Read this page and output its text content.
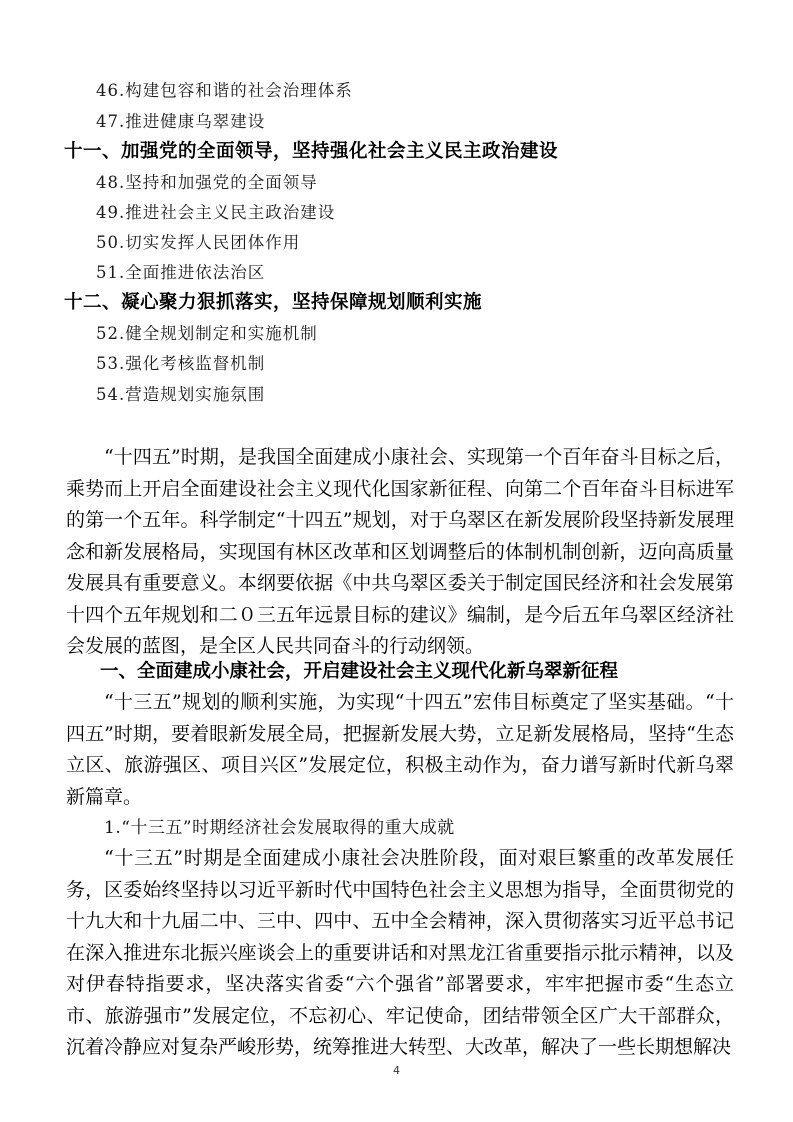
46.构建包容和谐的社会治理体系
47.推进健康乌翠建设
十一、加强党的全面领导，坚持强化社会主义民主政治建设
48.坚持和加强党的全面领导
49.推进社会主义民主政治建设
50.切实发挥人民团体作用
51.全面推进依法治区
十二、凝心聚力狠抓落实，坚持保障规划顺利实施
52.健全规划制定和实施机制
53.强化考核监督机制
54.营造规划实施氛围

“十四五”时期，是我国全面建成小康社会、实现第一个百年奋斗目标之后，乘势而上开启全面建设社会主义现代化国家新征程、向第二个百年奋斗目标进军的第一个五年。科学制定“十四五”规划，对于乌翠区在新发展阶段坚持新发展理念和新发展格局，实现国有林区改革和区划调整后的体制机制创新，迈向高质量发展具有重要意义。本纲要依据《中共乌翠区委关于制定国民经济和社会发展第十四个五年规划和二０三五年远景目标的建议》编制，是今后五年乌翠区经济社会发展的蓝图，是全区人民共同奋斗的行动纲领。

一、全面建成小康社会，开启建设社会主义现代化新乌翠新征程

“十三五”规划的顺利实施，为实现“十四五”宏伟目标奠定了坚实基础。“十四五”时期，要着眼新发展全局，把握新发展大势，立足新发展格局，坚持“生态立区、旅游强区、项目兴区”发展定位，积极主动作为，奋力谱写新时代新乌翠新篇章。

1.“十三五”时期经济社会发展取得的重大成就

“十三五”时期是全面建成小康社会决胜阶段，面对艰巨繁重的改革发展任务，区委始终坚持以习近平新时代中国特色社会主义思想为指导，全面贯彻党的十九大和十九届二中、三中、四中、五中全会精神，深入贯彻落实习近平总书记在深入推进东北振兴座谈会上的重要讲话和对黑龙江省重要指示批示精神，以及对伊春特指要求，坚决落实省委“六个强省”部署要求，牢牢把握市委“生态立市、旅游强市”发展定位，不忘初心、牢记使命，团结带领全区广大干部群众，沉着冷静应对复杂严峻形势，统筹推进大转型、大改革，解决了一些长期想解决

4
